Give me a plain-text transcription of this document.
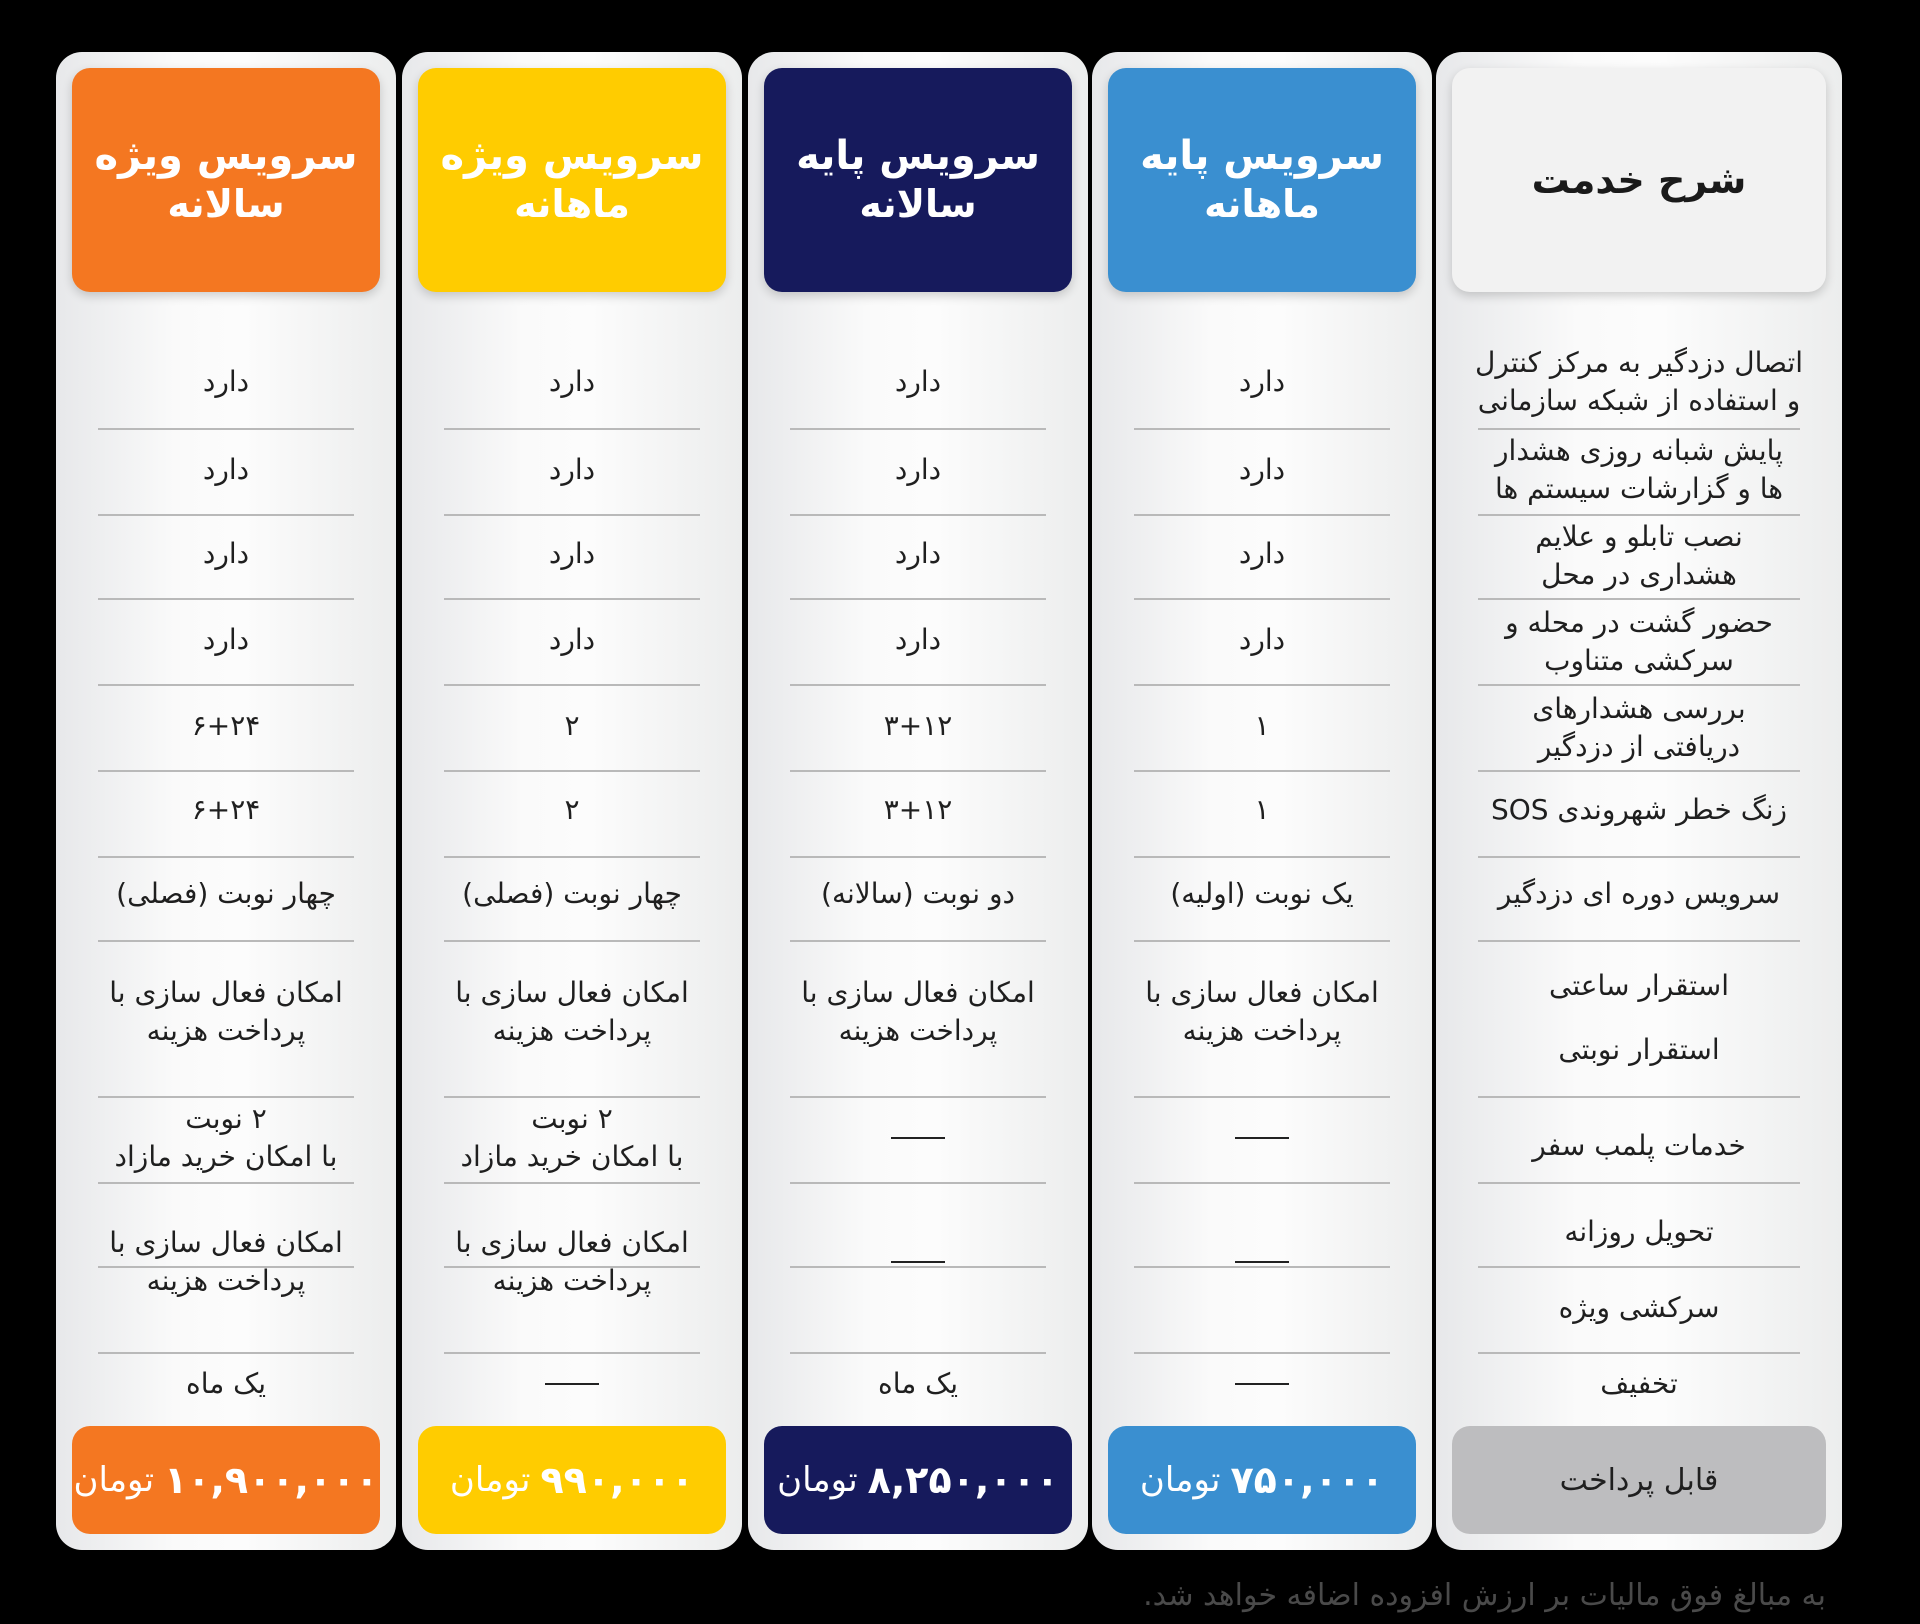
شرح خدمت
اتصال دزدگیر به مرکز کنترل
و استفاده از شبکه سازمانی
پایش شبانه روزی هشدار
ها و گزارشات سیستم ها
نصب تابلو و علایم
هشداری در محل
حضور گشت در محله و
سرکشی متناوب
بررسی هشدارهای
دریافتی از دزدگیر
زنگ خطر شهروندی SOS
سرویس دوره ای دزدگیر
استقرار ساعتی
استقرار نوبتی
خدمات پلمب سفر
تحویل روزانه
سرکشی ویژه
تخفیف
قابل پرداخت
سرویس پایه
ماهانه
دارد
دارد
دارد
دارد
۱
۱
یک نوبت (اولیه)
امکان فعال سازی با
پرداخت هزینه
۷۵۰,۰۰۰
تومان
سرویس پایه
سالانه
دارد
دارد
دارد
دارد
۳+۱۲
۳+۱۲
دو نوبت (سالانه)
امکان فعال سازی با
پرداخت هزینه
یک ماه
۸,۲۵۰,۰۰۰
تومان
سرویس ویژه
ماهانه
دارد
دارد
دارد
دارد
۲
۲
چهار نوبت (فصلی)
امکان فعال سازی با
پرداخت هزینه
۲ نوبت
با امکان خرید مازاد
امکان فعال سازی با
پرداخت هزینه
۹۹۰,۰۰۰
تومان
سرویس ویژه
سالانه
دارد
دارد
دارد
دارد
۶+۲۴
۶+۲۴
چهار نوبت (فصلی)
امکان فعال سازی با
پرداخت هزینه
۲ نوبت
با امکان خرید مازاد
امکان فعال سازی با
پرداخت هزینه
یک ماه
۱۰,۹۰۰,۰۰۰
تومان
به مبالغ فوق مالیات بر ارزش افزوده اضافه خواهد شد.
